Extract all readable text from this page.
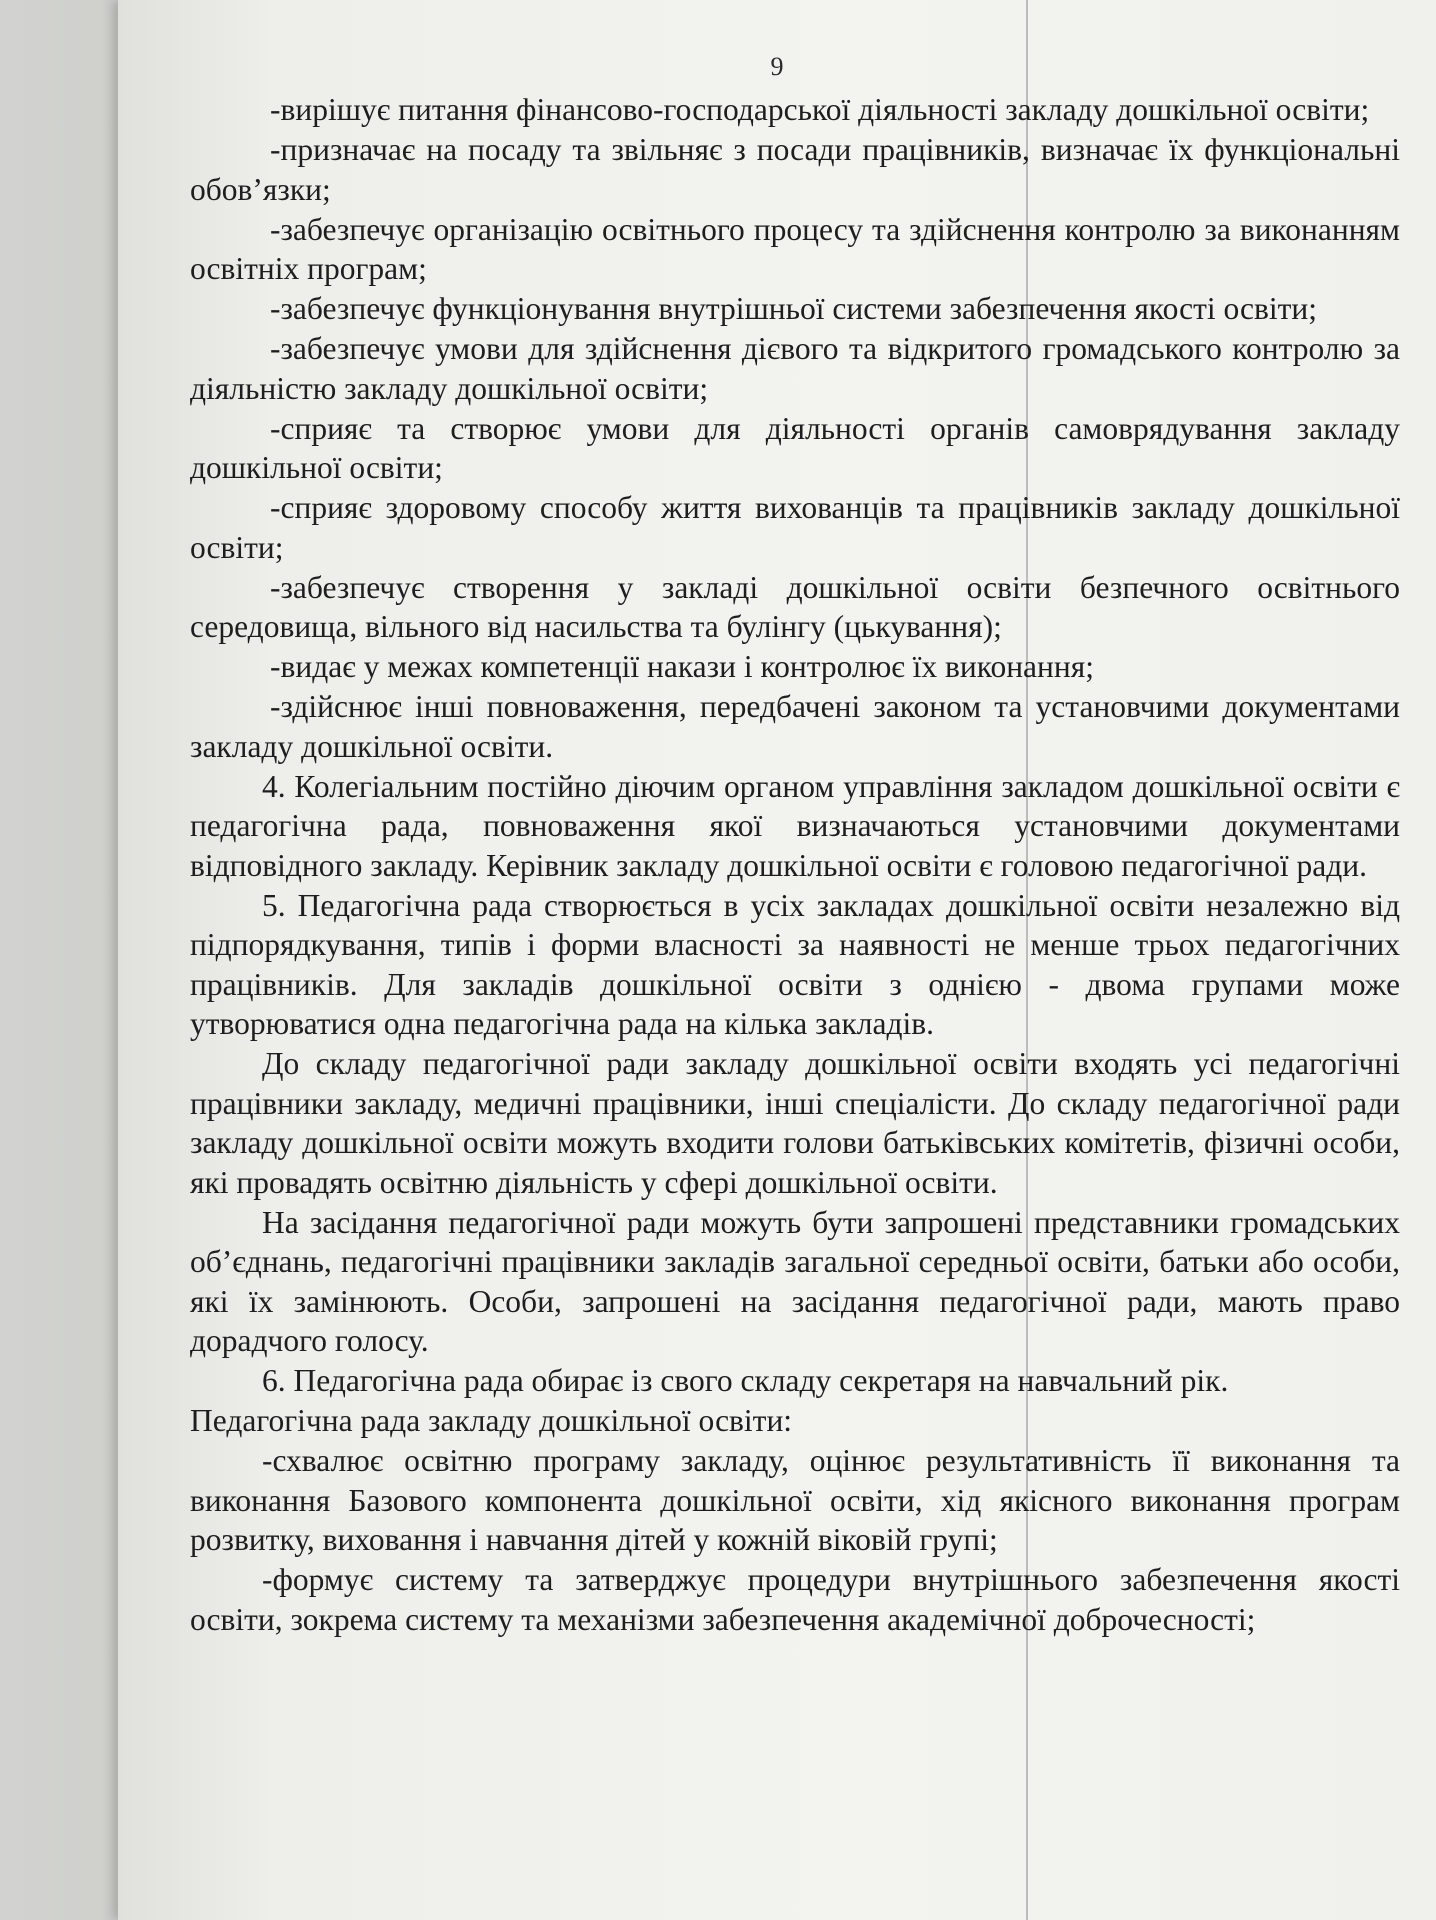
9

-вирішує питання фінансово-господарської діяльності закладу дошкільної освіти;

-призначає на посаду та звільняє з посади працівників, визначає їх функціональні обов’язки;

-забезпечує організацію освітнього процесу та здійснення контролю за виконанням освітніх програм;

-забезпечує функціонування внутрішньої системи забезпечення якості освіти;

-забезпечує умови для здійснення дієвого та відкритого громадського контролю за діяльністю закладу дошкільної освіти;

-сприяє та створює умови для діяльності органів самоврядування закладу дошкільної освіти;

-сприяє здоровому способу життя вихованців та працівників закладу дошкільної освіти;

-забезпечує створення у закладі дошкільної освіти безпечного освітнього середовища, вільного від насильства та булінгу (цькування);

-видає у межах компетенції накази і контролює їх виконання;

-здійснює інші повноваження, передбачені законом та установчими документами закладу дошкільної освіти.

4. Колегіальним постійно діючим органом управління закладом дошкільної освіти є педагогічна рада, повноваження якої визначаються установчими документами відповідного закладу. Керівник закладу дошкільної освіти є головою педагогічної ради.

5. Педагогічна рада створюється в усіх закладах дошкільної освіти незалежно від підпорядкування, типів і форми власності за наявності не менше трьох педагогічних працівників. Для закладів дошкільної освіти з однією - двома групами може утворюватися одна педагогічна рада на кілька закладів.

До складу педагогічної ради закладу дошкільної освіти входять усі педагогічні працівники закладу, медичні працівники, інші спеціалісти. До складу педагогічної ради закладу дошкільної освіти можуть входити голови батьківських комітетів, фізичні особи, які провадять освітню діяльність у сфері дошкільної освіти.

На засідання педагогічної ради можуть бути запрошені представники громадських об’єднань, педагогічні працівники закладів загальної середньої освіти, батьки або особи, які їх замінюють. Особи, запрошені на засідання педагогічної ради, мають право дорадчого голосу.

6. Педагогічна рада обирає із свого складу секретаря на навчальний рік.

Педагогічна рада закладу дошкільної освіти:

-схвалює освітню програму закладу, оцінює результативність її виконання та виконання Базового компонента дошкільної освіти, хід якісного виконання програм розвитку, виховання і навчання дітей у кожній віковій групі;

-формує систему та затверджує процедури внутрішнього забезпечення якості освіти, зокрема систему та механізми забезпечення академічної доброчесності;
